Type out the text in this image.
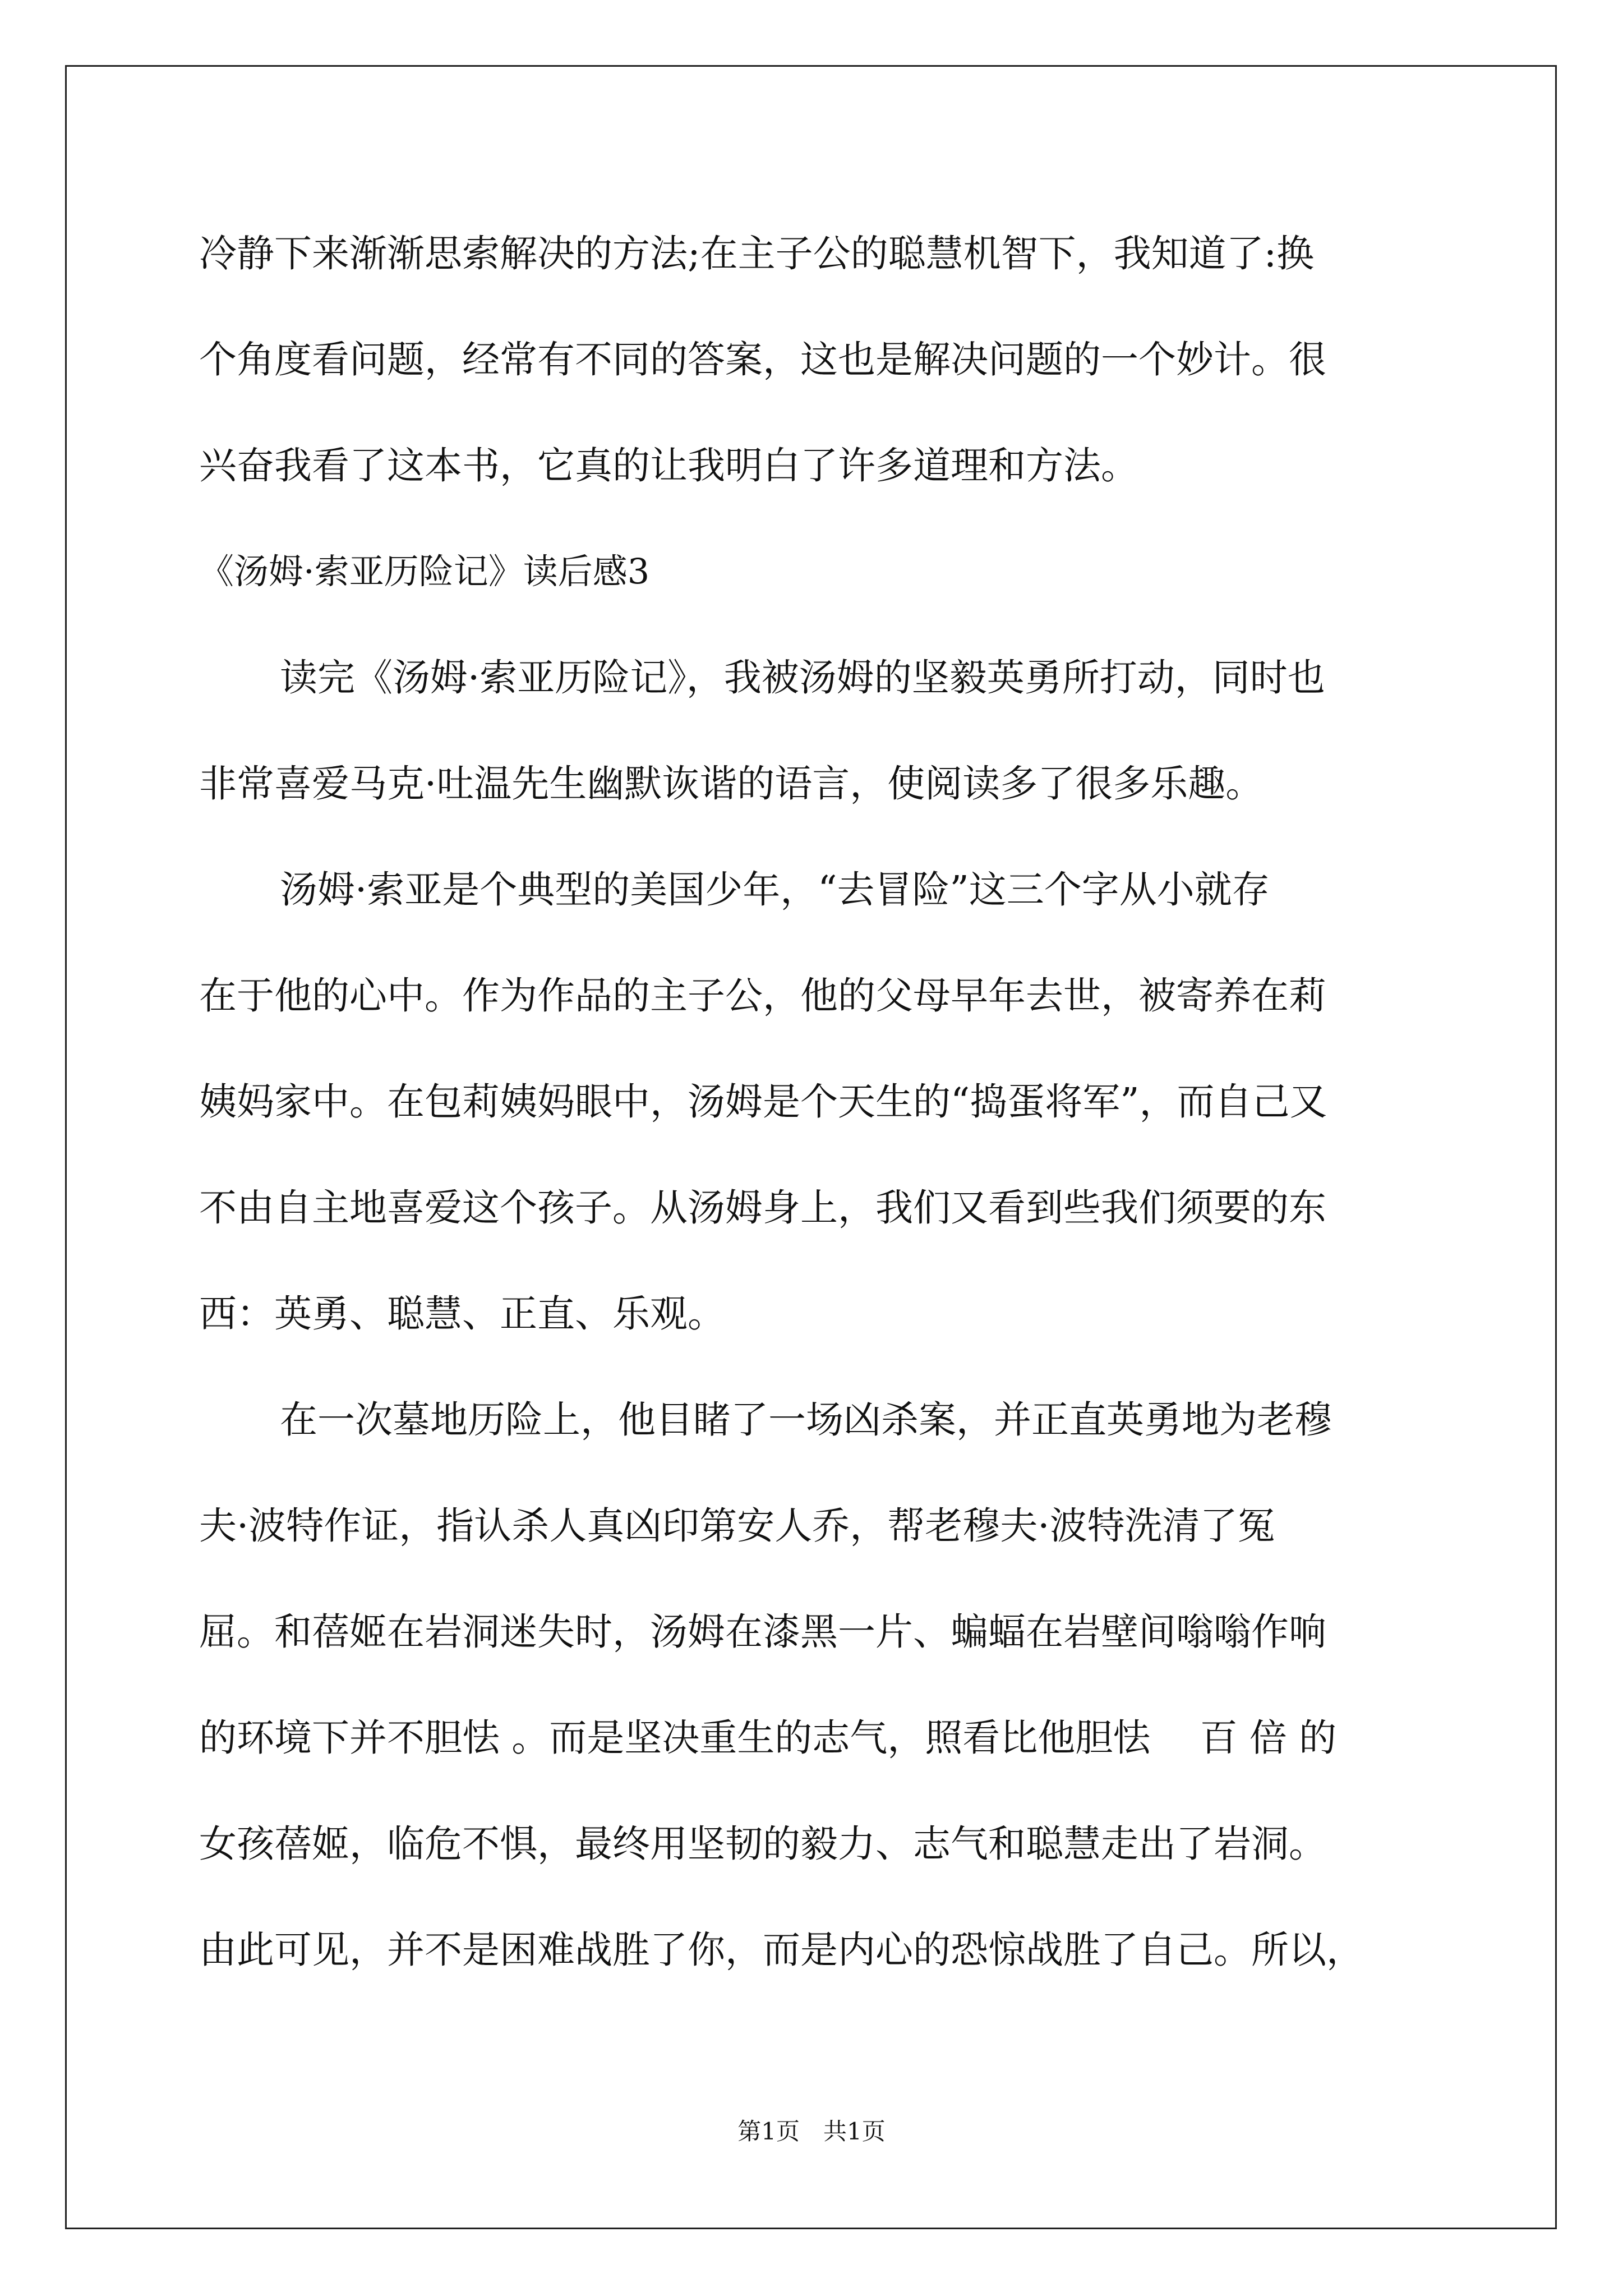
冷静下来渐渐思索解决的方法;在主子公的聪慧机智下，我知道了:换
个角度看问题，经常有不同的答案，这也是解决问题的一个妙计。很
兴奋我看了这本书，它真的让我明白了许多道理和方法。
《汤姆·索亚历险记》读后感3
读完《汤姆·索亚历险记》，我被汤姆的坚毅英勇所打动，同时也
非常喜爱马克·吐温先生幽默诙谐的语言，使阅读多了很多乐趣。
汤姆·索亚是个典型的美国少年，“去冒险”这三个字从小就存
在于他的心中。作为作品的主子公，他的父母早年去世，被寄养在莉
姨妈家中。在包莉姨妈眼中，汤姆是个天生的“捣蛋将军”，而自己又
不由自主地喜爱这个孩子。从汤姆身上，我们又看到些我们须要的东
西：英勇、聪慧、正直、乐观。
在一次墓地历险上，他目睹了一场凶杀案，并正直英勇地为老穆
夫·波特作证，指认杀人真凶印第安人乔，帮老穆夫·波特洗清了冤
屈。和蓓姬在岩洞迷失时，汤姆在漆黑一片、蝙蝠在岩壁间嗡嗡作响
的环境下并不胆怯 。而是坚决重生的志气，照看比他胆怯　 百 倍 的
女孩蓓姬，临危不惧，最终用坚韧的毅力、志气和聪慧走出了岩洞。
由此可见，并不是困难战胜了你，而是内心的恐惊战胜了自己。所以，
第1页　共1页
